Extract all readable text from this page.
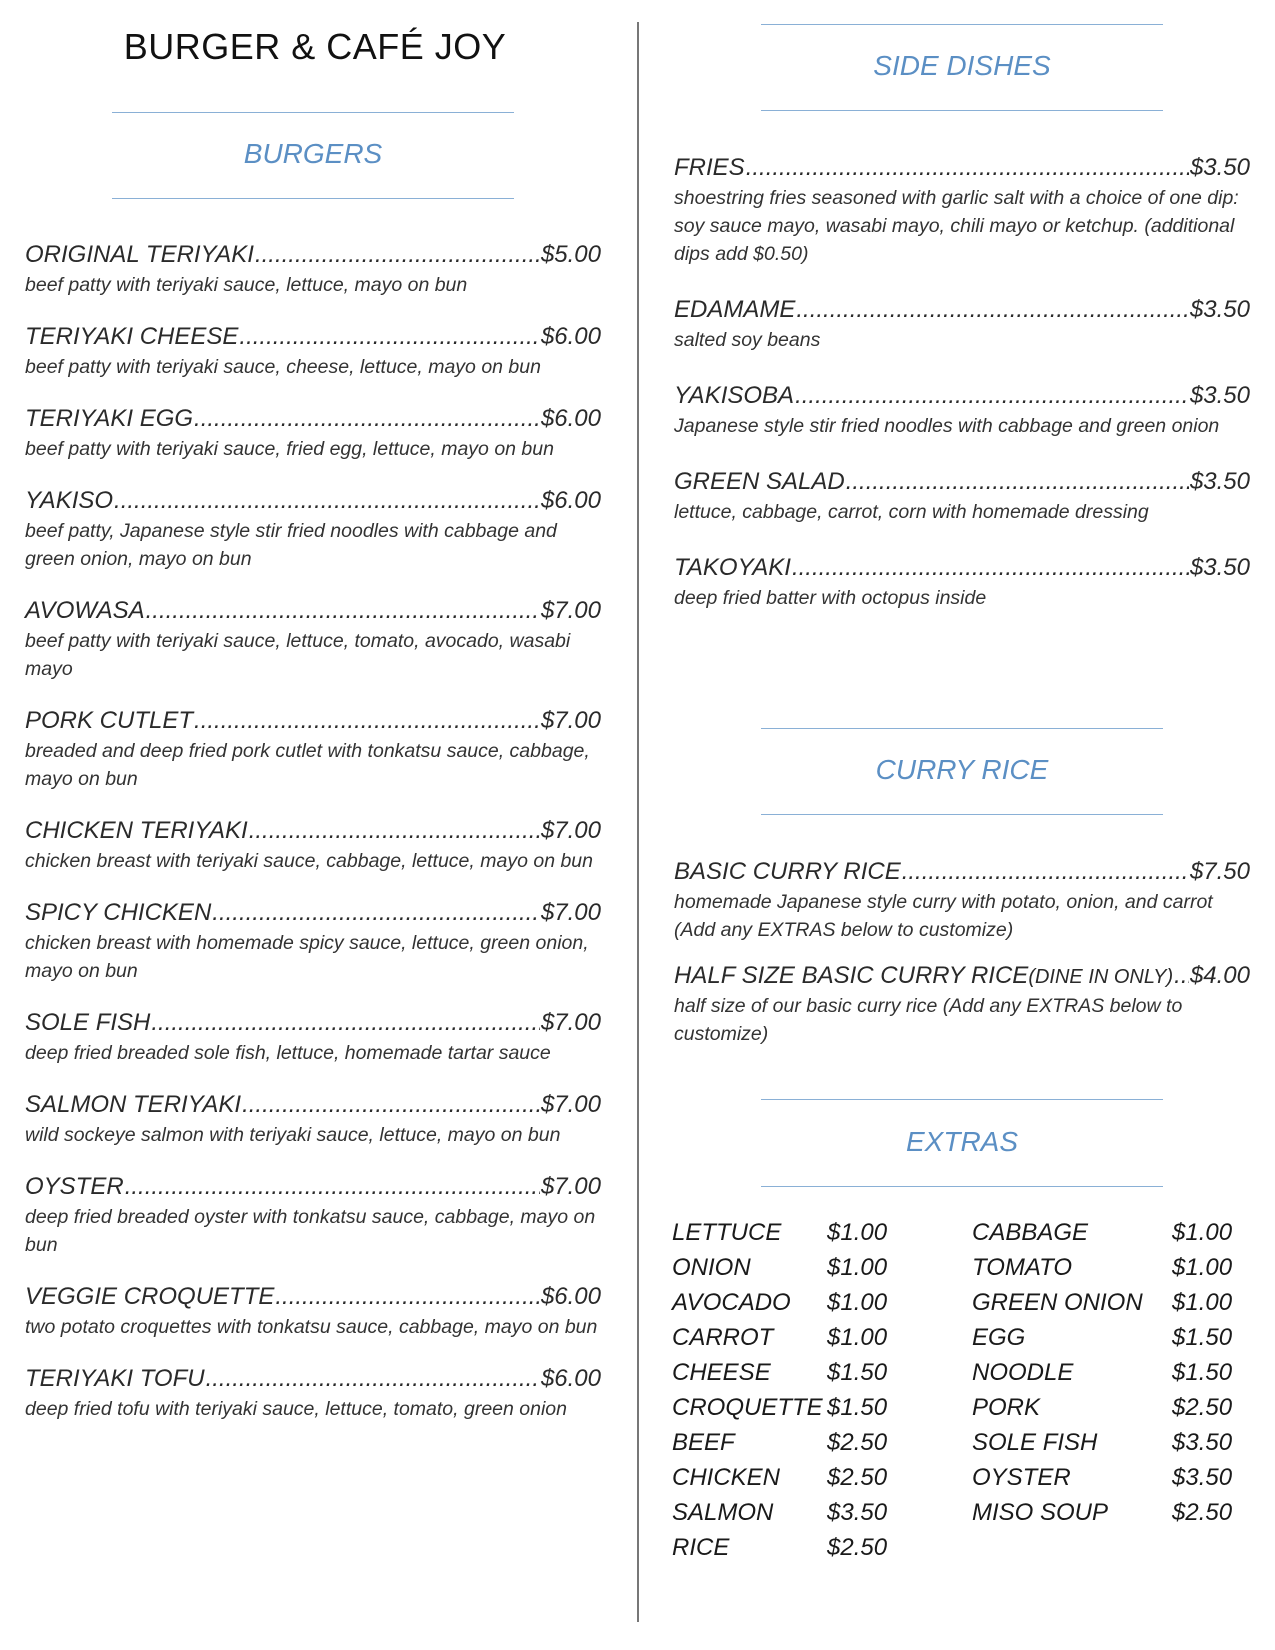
BURGER & CAFÉ JOY
BURGERS
ORIGINAL TERIYAKI .....	$5.00
beef patty with teriyaki sauce, lettuce, mayo on bun
TERIYAKI CHEESE .....	$6.00
beef patty with teriyaki sauce, cheese, lettuce, mayo on bun
TERIYAKI EGG .....	$6.00
beef patty with teriyaki sauce, fried egg, lettuce, mayo on bun
YAKISO .....	$6.00
beef patty, Japanese style stir fried noodles with cabbage and green onion, mayo on bun
AVOWASA .....	$7.00
beef patty with teriyaki sauce, lettuce, tomato, avocado, wasabi mayo
PORK CUTLET .....	$7.00
breaded and deep fried pork cutlet with tonkatsu sauce, cabbage, mayo on bun
CHICKEN TERIYAKI .....	$7.00
chicken breast with teriyaki sauce, cabbage, lettuce, mayo on bun
SPICY CHICKEN .....	$7.00
chicken breast with homemade spicy sauce, lettuce, green onion, mayo on bun
SOLE FISH .....	$7.00
deep fried breaded sole fish, lettuce, homemade tartar sauce
SALMON TERIYAKI .....	$7.00
wild sockeye salmon with teriyaki sauce, lettuce, mayo on bun
OYSTER .....	$7.00
deep fried breaded oyster with tonkatsu sauce, cabbage, mayo on bun
VEGGIE CROQUETTE .....	$6.00
two potato croquettes with tonkatsu sauce, cabbage, mayo on bun
TERIYAKI TOFU .....	$6.00
deep fried tofu with teriyaki sauce, lettuce, tomato, green onion
SIDE DISHES
FRIES .....	$3.50
shoestring fries seasoned with garlic salt with a choice of one dip: soy sauce mayo, wasabi mayo, chili mayo or ketchup. (additional dips add $0.50)
EDAMAME .....	$3.50
salted soy beans
YAKISOBA .....	$3.50
Japanese style stir fried noodles with cabbage and green onion
GREEN SALAD .....	$3.50
lettuce, cabbage, carrot, corn with homemade dressing
TAKOYAKI .....	$3.50
deep fried batter with octopus inside
CURRY RICE
BASIC CURRY RICE .....	$7.50
homemade Japanese style curry with potato, onion, and carrot (Add any EXTRAS below to customize)
HALF SIZE BASIC CURRY RICE (DINE IN ONLY) ..... $4.00
half size of our basic curry rice (Add any EXTRAS below to customize)
EXTRAS
LETTUCE	$1.00	CABBAGE	$1.00
ONION	$1.00	TOMATO	$1.00
AVOCADO	$1.00	GREEN ONION	$1.00
CARROT	$1.00	EGG	$1.50
CHEESE	$1.50	NOODLE	$1.50
CROQUETTE $1.50	PORK	$2.50
BEEF	$2.50	SOLE FISH	$3.50
CHICKEN	$2.50	OYSTER	$3.50
SALMON	$3.50	MISO SOUP	$2.50
RICE	$2.50
